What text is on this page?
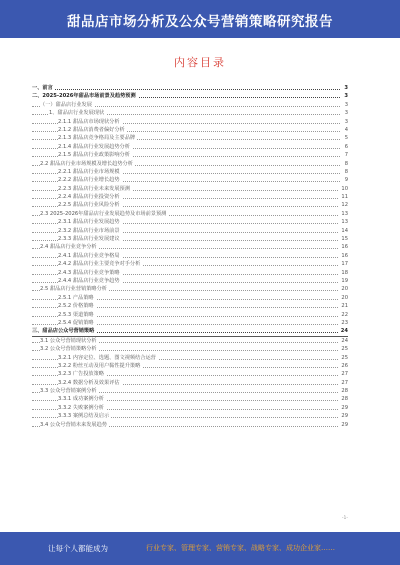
甜品店市场分析及公众号营销策略研究报告
内容目录
一、前言	3
二、2025-2026年甜品市场前景及趋势预测	3
（一）甜品店行业发展	3
1、甜品店行业发展现状	3
2.1.1 甜品店市场现状分析	3
2.1.2 甜品店消费者偏好分析	4
2.1.3 甜品店竞争格局及主要品牌	5
2.1.4 甜品店行业发展趋势分析	6
2.1.5 甜品店行业政策影响分析	7
2.2 甜品店行业市场规模及增长趋势分析	8
2.2.1 甜品店行业市场规模	8
2.2.2 甜品店行业增长趋势	9
2.2.3 甜品店行业未来发展预测	10
2.2.4 甜品店行业投资分析	11
2.2.5 甜品店行业风险分析	12
2.3 2025-2026年甜品店行业发展趋势及市场前景预测	13
2.3.1 甜品店行业发展趋势	13
2.3.2 甜品店行业市场前景	14
2.3.3 甜品店行业发展建议	15
2.4 甜品店行业竞争分析	16
2.4.1 甜品店行业竞争格局	16
2.4.2 甜品店行业主要竞争对手分析	17
2.4.3 甜品店行业竞争策略	18
2.4.4 甜品店行业竞争趋势	19
2.5 甜品店行业营销策略分析	20
2.5.1 产品策略	20
2.5.2 价格策略	21
2.5.3 渠道策略	22
2.5.4 促销策略	23
三、甜品店公众号营销策略	24
3.1 公众号营销现状分析	24
3.2 公众号营销策略分析	25
3.2.1 内容定位、选题、图文视频结合运营	25
3.2.2 粉丝互动及用户黏性提升策略	26
3.2.3 广告投放策略	27
3.2.4 数据分析及效果评估	27
3.3 公众号营销案例分析	28
3.3.1 成功案例分析	28
3.3.2 失败案例分析	29
3.3.3 案例总结及启示	29
3.4 公众号营销未来发展趋势	29
-1-
让每个人都能成为	行业专家、管理专家、营销专家、战略专家、成功企业家……
